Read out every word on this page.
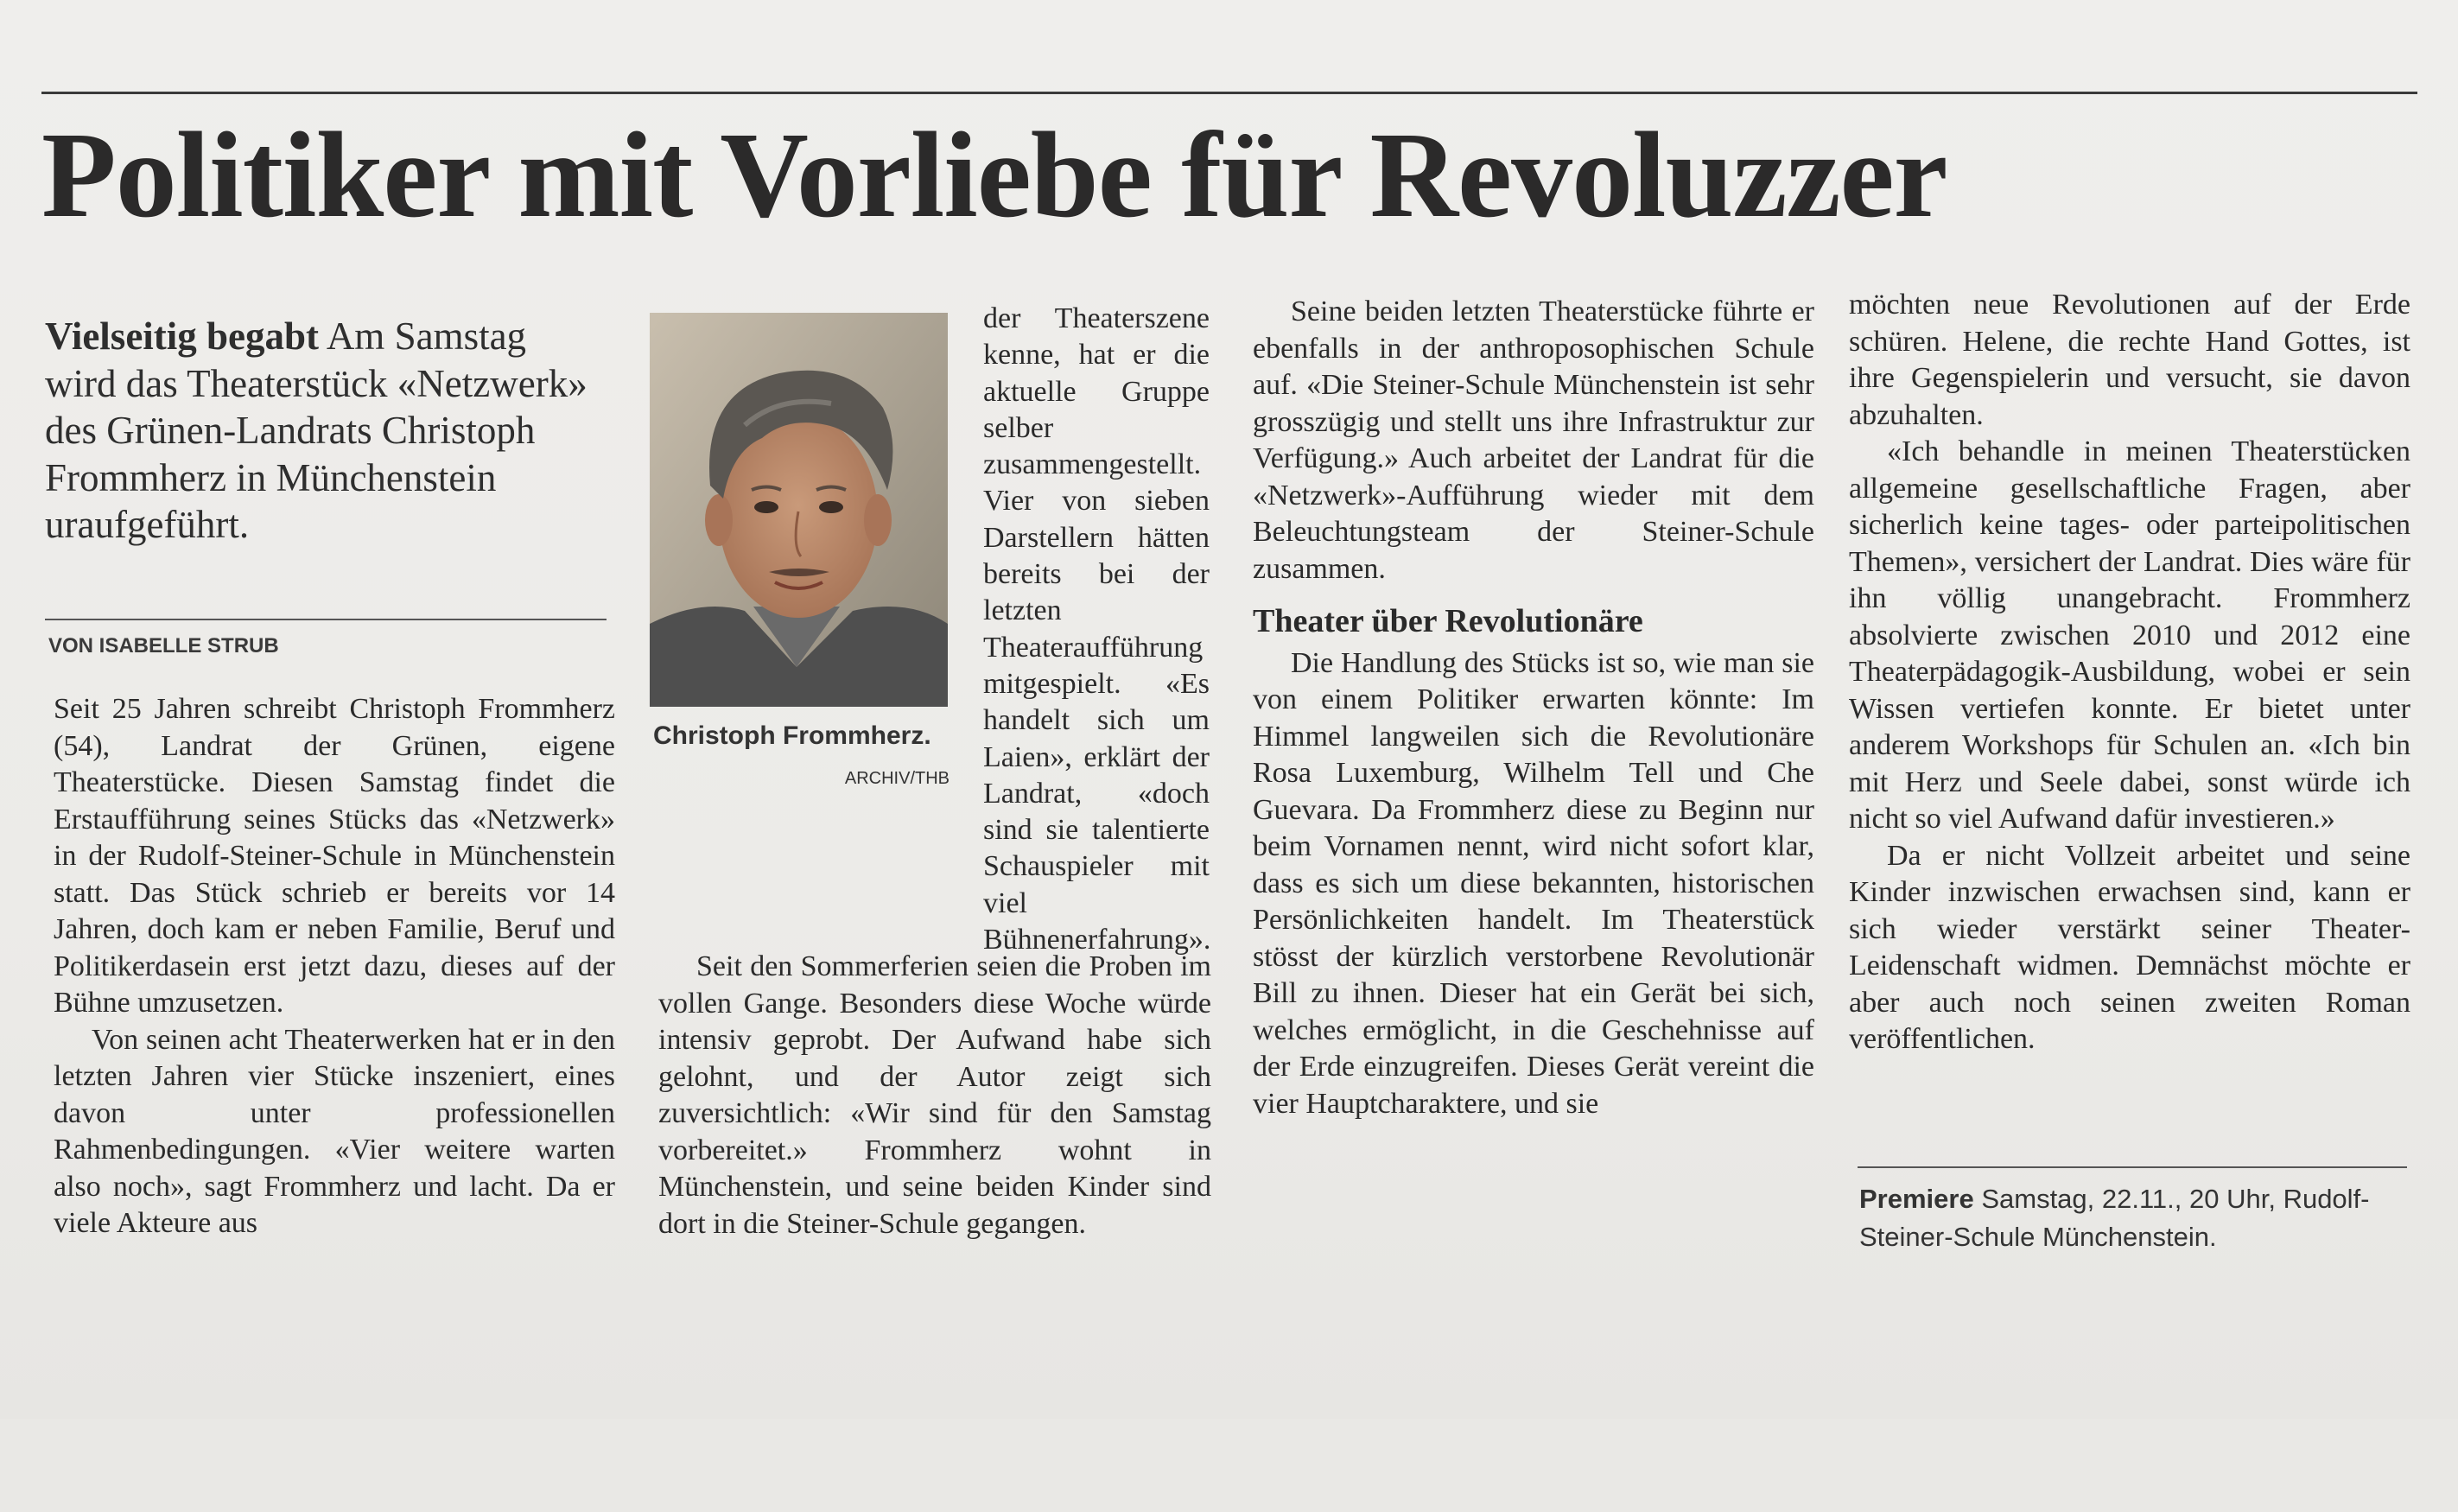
Politiker mit Vorliebe für Revoluzzer
Vielseitig begabt Am Samstag wird das Theaterstück «Netzwerk» des Grünen-Landrats Christoph Frommherz in Münchenstein uraufgeführt.
VON ISABELLE STRUB
Christoph Frommherz.
ARCHIV/THB

Seit 25 Jahren schreibt Christoph Frommherz (54), Landrat der Grünen, eigene Theaterstücke. Diesen Samstag findet die Erstaufführung seines Stücks das «Netzwerk» in der Rudolf-Steiner-Schule in Münchenstein statt. Das Stück schrieb er bereits vor 14 Jahren, doch kam er neben Familie, Beruf und Politikerdasein erst jetzt dazu, dieses auf der Bühne umzusetzen.

Von seinen acht Theaterwerken hat er in den letzten Jahren vier Stücke inszeniert, eines davon unter professionellen Rahmenbedingungen. «Vier weitere warten also noch», sagt Frommherz und lacht. Da er viele Akteure aus

der Theaterszene kenne, hat er die aktuelle Gruppe selber zusammengestellt. Vier von sieben Darstellern hätten bereits bei der letzten Theateraufführung mitgespielt. «Es handelt sich um Laien», erklärt der Landrat, «doch sind sie talentierte Schauspieler mit viel Bühnenerfahrung».

Seit den Sommerferien seien die Proben im vollen Gange. Besonders diese Woche würde intensiv geprobt. Der Aufwand habe sich gelohnt, und der Autor zeigt sich zuversichtlich: «Wir sind für den Samstag vorbereitet.» Frommherz wohnt in Münchenstein, und seine beiden Kinder sind dort in die Steiner-Schule gegangen.

Seine beiden letzten Theaterstücke führte er ebenfalls in der anthroposophischen Schule auf. «Die Steiner-Schule Münchenstein ist sehr grosszügig und stellt uns ihre Infrastruktur zur Verfügung.» Auch arbeitet der Landrat für die «Netzwerk»-Aufführung wieder mit dem Beleuchtungsteam der Steiner-Schule zusammen.

Theater über Revolutionäre

Die Handlung des Stücks ist so, wie man sie von einem Politiker erwarten könnte: Im Himmel langweilen sich die Revolutionäre Rosa Luxemburg, Wilhelm Tell und Che Guevara. Da Frommherz diese zu Beginn nur beim Vornamen nennt, wird nicht sofort klar, dass es sich um diese bekannten, historischen Persönlichkeiten handelt. Im Theaterstück stösst der kürzlich verstorbene Revolutionär Bill zu ihnen. Dieser hat ein Gerät bei sich, welches ermöglicht, in die Geschehnisse auf der Erde einzugreifen. Dieses Gerät vereint die vier Hauptcharaktere, und sie

möchten neue Revolutionen auf der Erde schüren. Helene, die rechte Hand Gottes, ist ihre Gegenspielerin und versucht, sie davon abzuhalten.

«Ich behandle in meinen Theaterstücken allgemeine gesellschaftliche Fragen, aber sicherlich keine tages- oder parteipolitischen Themen», versichert der Landrat. Dies wäre für ihn völlig unangebracht. Frommherz absolvierte zwischen 2010 und 2012 eine Theaterpädagogik-Ausbildung, wobei er sein Wissen vertiefen konnte. Er bietet unter anderem Workshops für Schulen an. «Ich bin mit Herz und Seele dabei, sonst würde ich nicht so viel Aufwand dafür investieren.»

Da er nicht Vollzeit arbeitet und seine Kinder inzwischen erwachsen sind, kann er sich wieder verstärkt seiner Theater-Leidenschaft widmen. Demnächst möchte er aber auch noch seinen zweiten Roman veröffentlichen.

Premiere Samstag, 22.11., 20 Uhr, Rudolf-Steiner-Schule Münchenstein.
